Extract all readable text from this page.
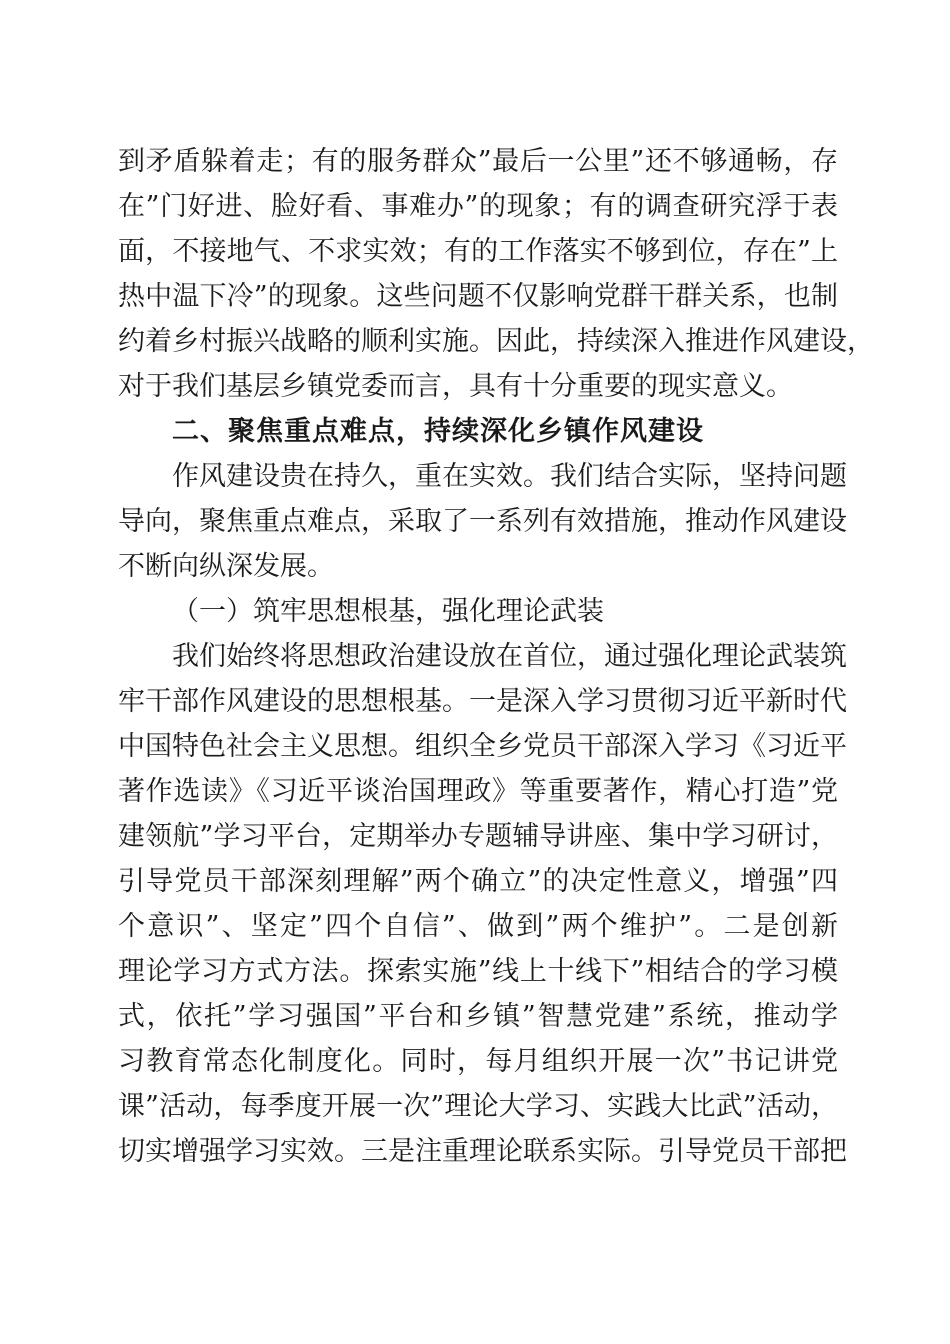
到矛盾躲着走；有的服务群众”最后一公里”还不够通畅，存
在”门好进、脸好看、事难办”的现象；有的调查研究浮于表
面，不接地气、不求实效；有的工作落实不够到位，存在”上
热中温下冷”的现象。这些问题不仅影响党群干群关系，也制
约着乡村振兴战略的顺利实施。因此，持续深入推进作风建设，
对于我们基层乡镇党委而言，具有十分重要的现实意义。
二、聚焦重点难点，持续深化乡镇作风建设
作风建设贵在持久，重在实效。我们结合实际，坚持问题
导向，聚焦重点难点，采取了一系列有效措施，推动作风建设
不断向纵深发展。
（一）筑牢思想根基，强化理论武装
我们始终将思想政治建设放在首位，通过强化理论武装筑
牢干部作风建设的思想根基。一是深入学习贯彻习近平新时代
中国特色社会主义思想。组织全乡党员干部深入学习《习近平
著作选读》《习近平谈治国理政》等重要著作，精心打造”党
建领航”学习平台，定期举办专题辅导讲座、集中学习研讨，
引导党员干部深刻理解”两个确立”的决定性意义，增强”四
个意识”、坚定”四个自信”、做到”两个维护”。二是创新
理论学习方式方法。探索实施”线上十线下”相结合的学习模
式，依托”学习强国”平台和乡镇”智慧党建”系统，推动学
习教育常态化制度化。同时，每月组织开展一次”书记讲党
课”活动，每季度开展一次”理论大学习、实践大比武”活动，
切实增强学习实效。三是注重理论联系实际。引导党员干部把
